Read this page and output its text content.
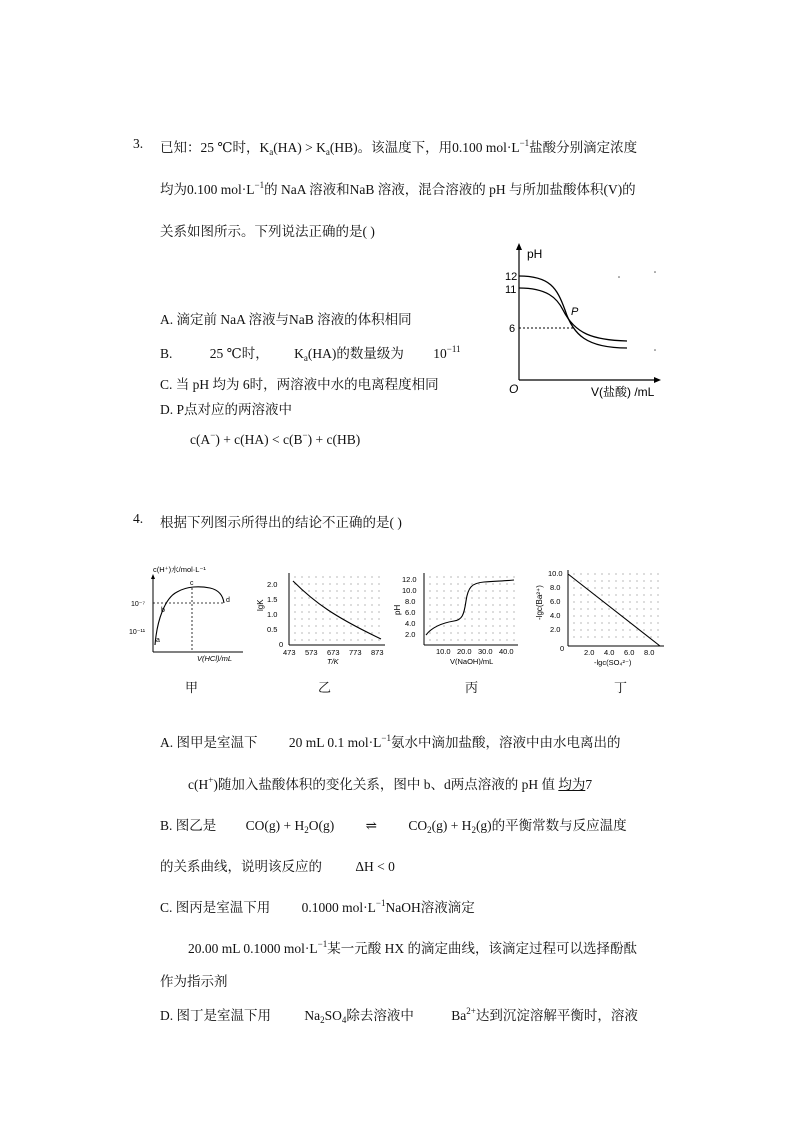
3. 已知：25 ℃时，$K_a(HA) > K_a(HB)$。该温度下，用0.100 $mol\cdot L^{-1}$盐酸分别滴定浓度
均为0.100 $mol\cdot L^{-1}$的 NaA 溶液和NaB 溶液，混合溶液的 pH 与所加盐酸体积(V)的
关系如图所示。下列说法正确的是( )
A. 滴定前 NaA 溶液与NaB 溶液的体积相同
B.	25 ℃时， $K_a(HA)$的数量级为 $10^{-11}$
C. 当 pH 均为 6时，两溶液中水的电离程度相同
D. P点对应的两溶液中
c(A−) + c(HA) < c(B−) + c(HB)
pH
12
11
6
O
P
V(盐酸) /mL
4. 根据下列图示所得出的结论不正确的是( )
c(H⁺)水/mol·L⁻¹
10⁻⁷
10⁻¹¹
a
b
c
d
V(HCl)/mL
甲
lgK
2.0
1.5
1.0
0.5
0
473 573 673 773 873
T/K
乙
pH
12.0
10.0
8.0
6.0
4.0
2.0
10.0 20.0 30.0 40.0
V(NaOH)/mL
丙
-lgc(Ba²⁺)
10.0
8.0
6.0
4.0
2.0
0	2.0 4.0 6.0 8.0
-lgc(SO₄²⁻)
丁
A. 图甲是室温下 20 mL 0.1 $mol\cdot L^{-1}$氨水中滴加盐酸，溶液中由水电离出的
c(H+)随加入盐酸体积的变化关系，图中 b、d两点溶液的 pH 值 均为7
B. 图乙是 $CO(g) + H_2O(g)$ ⇌ $CO_2(g) + H_2(g)$的平衡常数与反应温度
的关系曲线，说明该反应的 ΔH < 0
C. 图丙是室温下用 0.1000 $mol\cdot L^{-1}NaOH$溶液滴定
20.00 mL 0.1000 $mol\cdot L^{-1}$某一元酸 HX 的滴定曲线，该滴定过程可以选择酚酞
作为指示剂
D. 图丁是室温下用 $Na_2SO_4$除去溶液中	$Ba^{2+}$达到沉淀溶解平衡时，溶液
